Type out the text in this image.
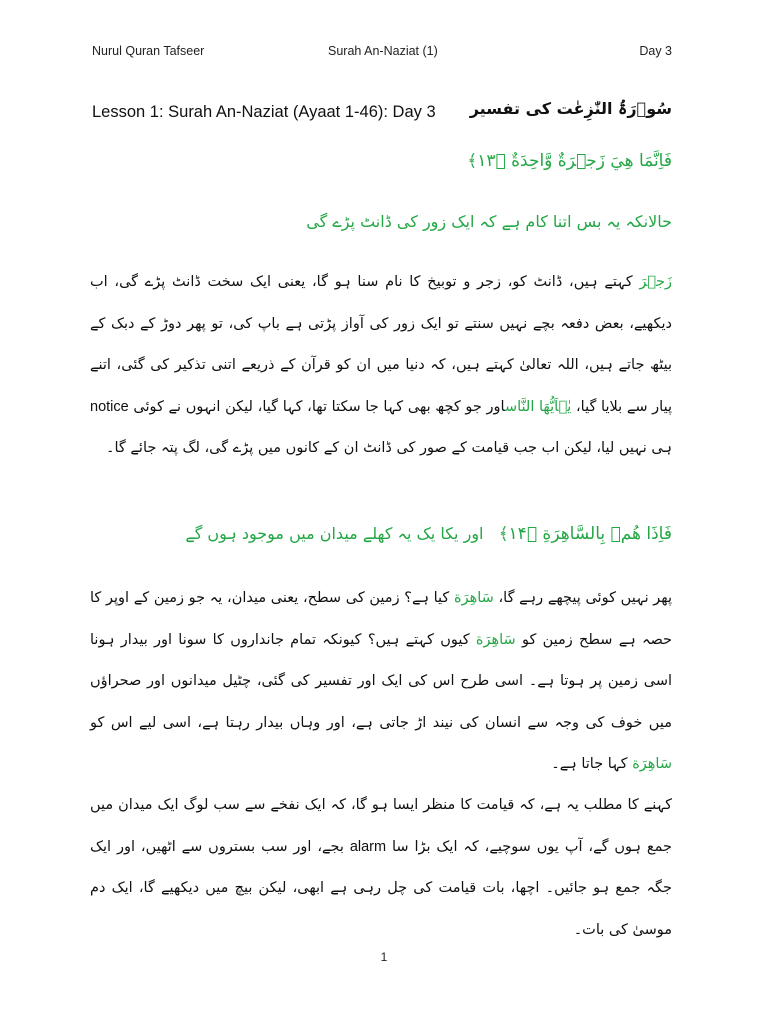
Nurul Quran Tafseer	Surah An-Naziat (1)	Day 3
Lesson 1: Surah An-Naziat (Ayaat 1-46): Day 3	سُوۡرَۃُ النّٰزِعٰت کی تفسیر
فَاِنَّمَا هِيَ زَجۡرَةٌ وَّاحِدَةٌ ﴿۱۳﴾
حالانکہ یہ بس اتنا کام ہے کہ ایک زور کی ڈانٹ پڑے گی
زَجۡرَ کہتے ہیں، ڈانٹ کو، زجر و توبیخ کا نام سنا ہو گا، یعنی ایک سخت ڈانٹ پڑے گی، اب دیکھیے، بعض دفعہ بچے نہیں سنتے تو ایک زور کی آواز پڑتی ہے باپ کی، تو پھر دوڑ کے دبک کے بیٹھ جاتے ہیں، اللہ تعالیٰ کہتے ہیں، کہ دنیا میں ان کو قرآن کے ذریعے اتنی تذکیر کی گئی، اتنے پیار سے بلایا گیا، یٰۤاَیُّهَا النَّاساور جو کچھ بھی کہا جا سکتا تھا، کہا گیا، لیکن انہوں نے کوئی notice ہی نہیں لیا، لیکن اب جب قیامت کے صور کی ڈانٹ ان کے کانوں میں پڑے گی، لگ پتہ جائے گا۔
فَاِذَا هُمۡ بِالسَّاهِرَةِ ﴿۱۴﴾ اور یکا یک یہ کھلے میدان میں موجود ہوں گے
پھر نہیں کوئی پیچھے رہے گا، سَاهِرَة کیا ہے؟ زمین کی سطح، یعنی میدان، یہ جو زمین کے اوپر کا حصہ ہے سطح زمین کو سَاهِرَة کیوں کہتے ہیں؟ کیونکہ تمام جانداروں کا سونا اور بیدار ہونا اسی زمین پر ہوتا ہے۔ اسی طرح اس کی ایک اور تفسیر کی گئی، چٹیل میدانوں اور صحراؤں میں خوف کی وجہ سے انسان کی نیند اڑ جاتی ہے، اور وہاں بیدار رہتا ہے، اسی لیے اس کو سَاهِرَة کہا جاتا ہے۔
کہنے کا مطلب یہ ہے، کہ قیامت کا منظر ایسا ہو گا، کہ ایک نفخے سے سب لوگ ایک میدان میں جمع ہوں گے، آپ یوں سوچیے، کہ ایک بڑا سا alarm بجے، اور سب بستروں سے اٹھیں، اور ایک جگہ جمع ہو جائیں۔ اچھا، بات قیامت کی چل رہی ہے ابھی، لیکن بیچ میں دیکھیے گا، ایک دم موسیٰ کی بات۔
1
